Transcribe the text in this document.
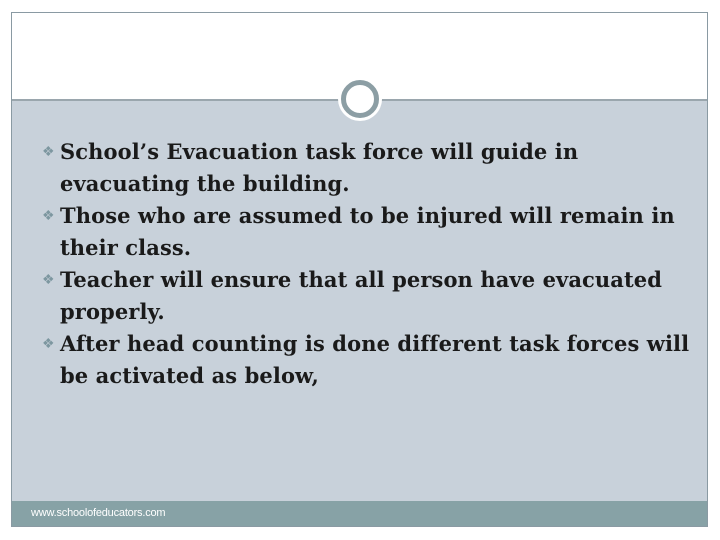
❖ School’s Evacuation task force will guide in evacuating the building.
❖ Those who are assumed to be injured will remain in their class.
❖ Teacher will ensure that all person have evacuated properly.
❖ After head counting is done different task forces will be activated as below,
www.schoolofeducators.com
